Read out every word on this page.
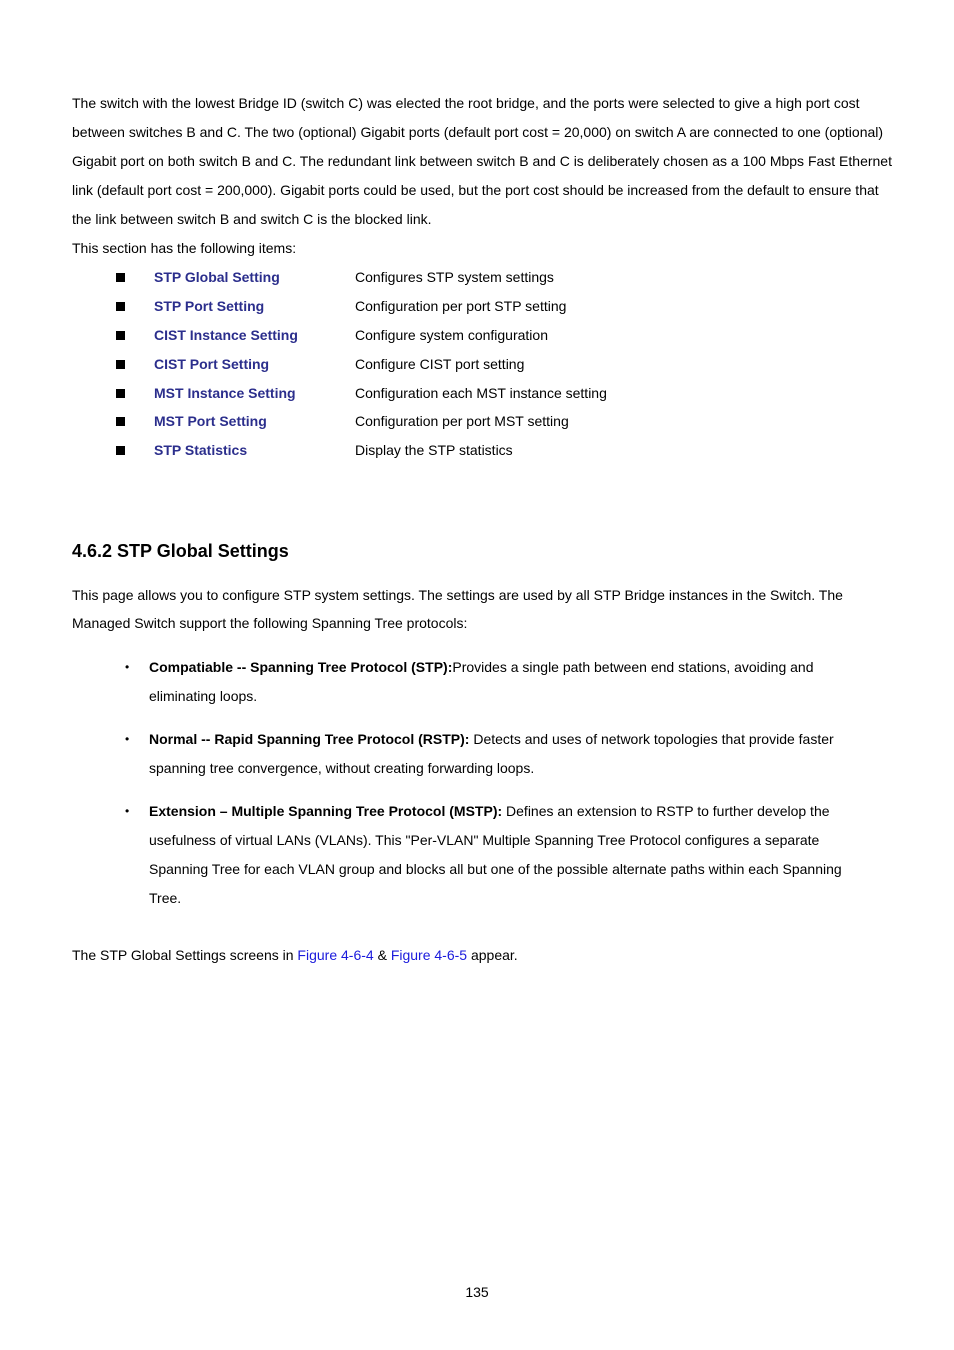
The switch with the lowest Bridge ID (switch C) was elected the root bridge, and the ports were selected to give a high port cost between switches B and C. The two (optional) Gigabit ports (default port cost = 20,000) on switch A are connected to one (optional) Gigabit port on both switch B and C. The redundant link between switch B and C is deliberately chosen as a 100 Mbps Fast Ethernet link (default port cost = 200,000). Gigabit ports could be used, but the port cost should be increased from the default to ensure that the link between switch B and switch C is the blocked link.

This section has the following items:

STP Global Setting	Configures STP system settings
STP Port Setting	Configuration per port STP setting
CIST Instance Setting	Configure system configuration
CIST Port Setting	Configure CIST port setting
MST Instance Setting	Configuration each MST instance setting
MST Port Setting	Configuration per port MST setting
STP Statistics	Display the STP statistics
4.6.2 STP Global Settings

This page allows you to configure STP system settings. The settings are used by all STP Bridge instances in the Switch. The Managed Switch support the following Spanning Tree protocols:

• Compatiable -- Spanning Tree Protocol (STP):Provides a single path between end stations, avoiding and eliminating loops.
• Normal -- Rapid Spanning Tree Protocol (RSTP): Detects and uses of network topologies that provide faster spanning tree convergence, without creating forwarding loops.
• Extension – Multiple Spanning Tree Protocol (MSTP): Defines an extension to RSTP to further develop the usefulness of virtual LANs (VLANs). This "Per-VLAN" Multiple Spanning Tree Protocol configures a separate Spanning Tree for each VLAN group and blocks all but one of the possible alternate paths within each Spanning Tree.

The STP Global Settings screens in Figure 4-6-4 & Figure 4-6-5 appear.

135
